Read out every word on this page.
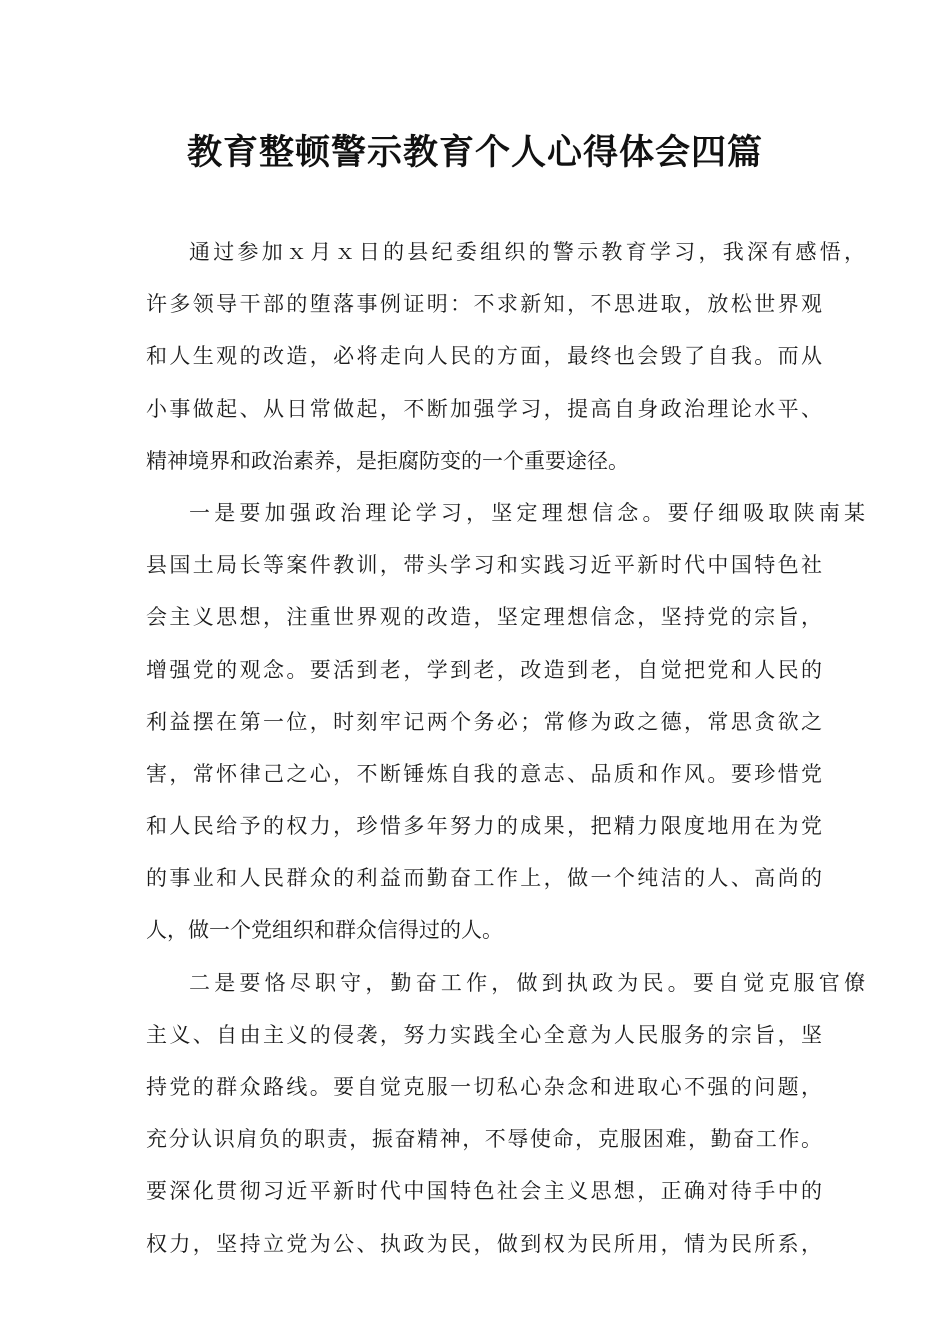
教育整顿警示教育个人心得体会四篇
通过参加ｘ月ｘ日的县纪委组织的警示教育学习，我深有感悟，
许多领导干部的堕落事例证明：不求新知，不思进取，放松世界观
和人生观的改造，必将走向人民的方面，最终也会毁了自我。而从
小事做起、从日常做起，不断加强学习，提高自身政治理论水平、
精神境界和政治素养，是拒腐防变的一个重要途径。
一是要加强政治理论学习，坚定理想信念。要仔细吸取陕南某
县国土局长等案件教训，带头学习和实践习近平新时代中国特色社
会主义思想，注重世界观的改造，坚定理想信念，坚持党的宗旨，
增强党的观念。要活到老，学到老，改造到老，自觉把党和人民的
利益摆在第一位，时刻牢记两个务必；常修为政之德，常思贪欲之
害，常怀律己之心，不断锤炼自我的意志、品质和作风。要珍惜党
和人民给予的权力，珍惜多年努力的成果，把精力限度地用在为党
的事业和人民群众的利益而勤奋工作上，做一个纯洁的人、高尚的
人，做一个党组织和群众信得过的人。
二是要恪尽职守，勤奋工作，做到执政为民。要自觉克服官僚
主义、自由主义的侵袭，努力实践全心全意为人民服务的宗旨，坚
持党的群众路线。要自觉克服一切私心杂念和进取心不强的问题，
充分认识肩负的职责，振奋精神，不辱使命，克服困难，勤奋工作。
要深化贯彻习近平新时代中国特色社会主义思想，正确对待手中的
权力，坚持立党为公、执政为民，做到权为民所用，情为民所系，
